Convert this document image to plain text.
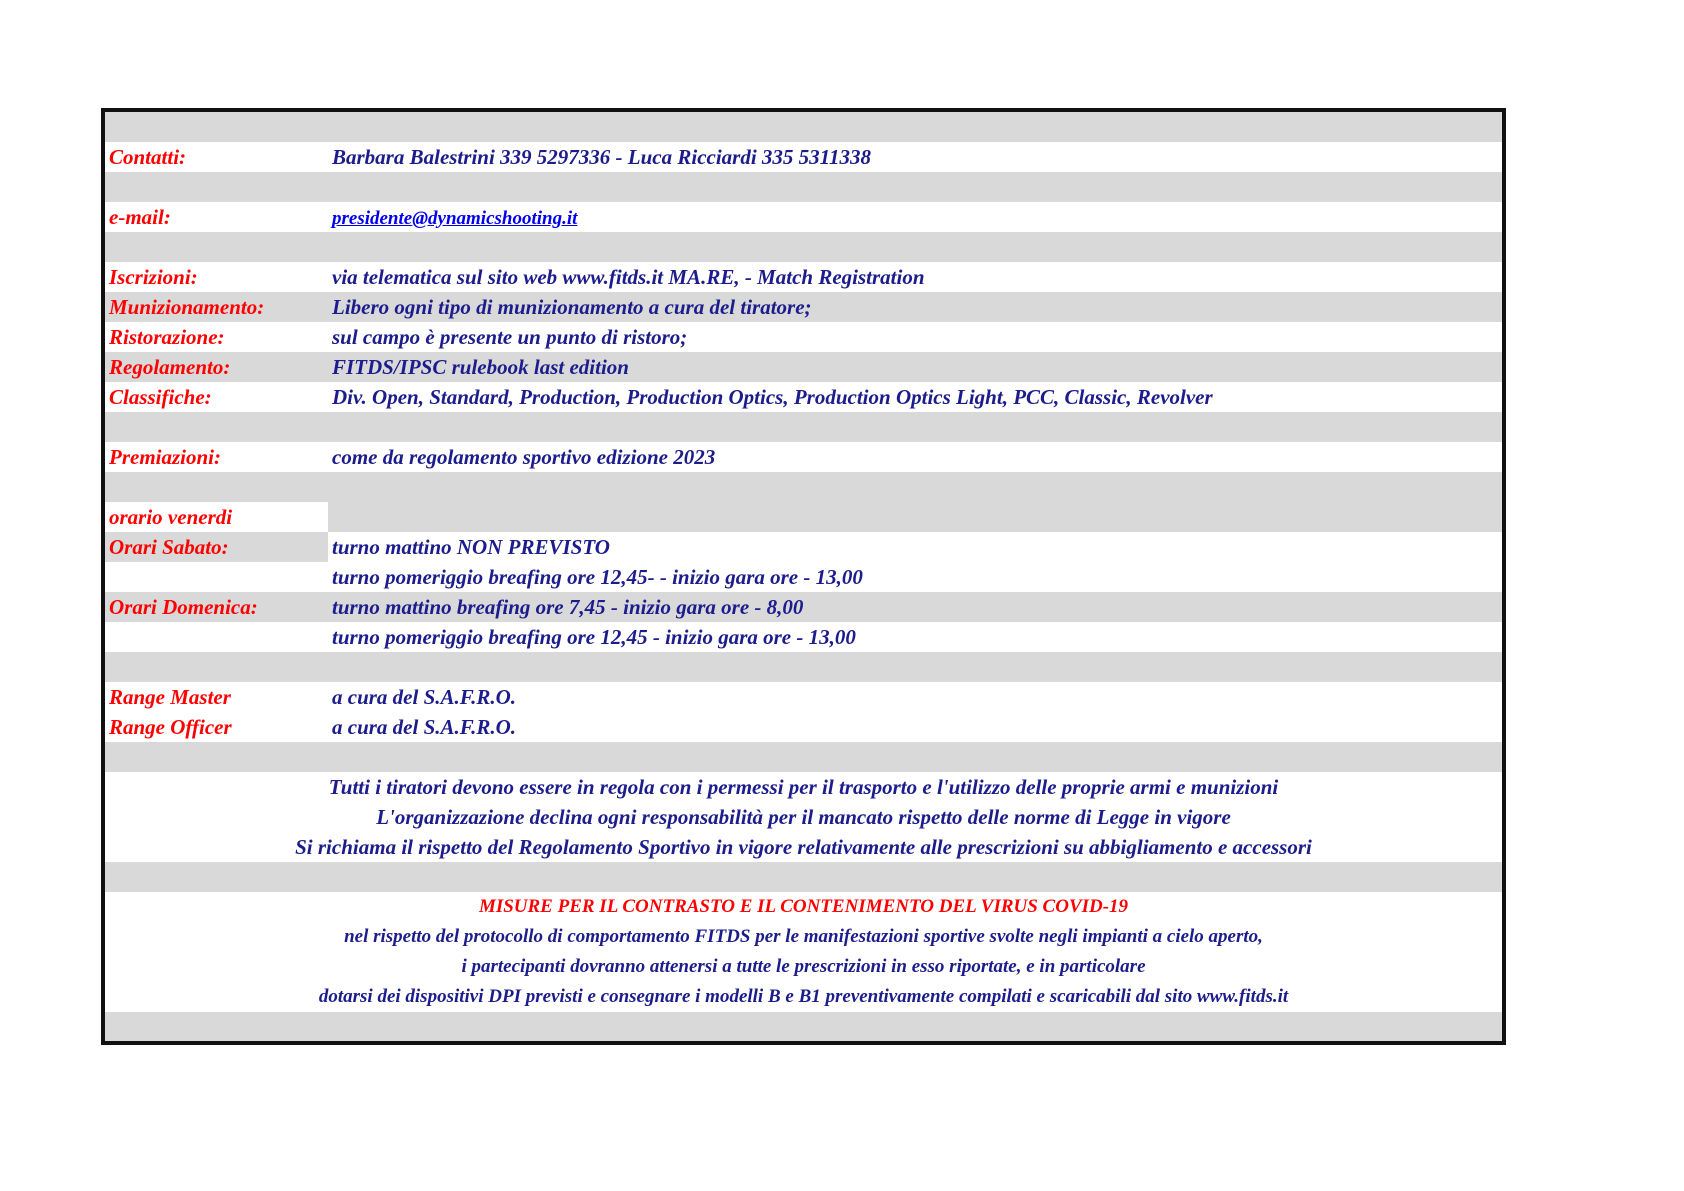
Contatti:	Barbara Balestrini 339 5297336 - Luca Ricciardi 335 5311338
e-mail:	presidente@dynamicshooting.it
Iscrizioni:	via telematica sul sito web www.fitds.it MA.RE, - Match Registration
Munizionamento:	Libero ogni tipo di munizionamento a cura del tiratore;
Ristorazione:	sul campo è presente un punto di ristoro;
Regolamento:	FITDS/IPSC rulebook last edition
Classifiche:	Div. Open, Standard, Production, Production Optics, Production Optics Light, PCC, Classic, Revolver
Premiazioni:	come da regolamento sportivo edizione 2023
orario venerdi
Orari Sabato:	turno mattino NON PREVISTO
turno pomeriggio breafing ore 12,45- - inizio gara ore - 13,00
Orari Domenica:	turno mattino breafing ore 7,45 - inizio gara ore - 8,00
turno pomeriggio breafing ore 12,45 - inizio gara ore - 13,00
Range Master	a cura del S.A.F.R.O.
Range Officer	a cura del S.A.F.R.O.
Tutti i tiratori devono essere in regola con i permessi per il trasporto e l'utilizzo delle proprie armi e munizioni
L'organizzazione declina ogni responsabilità per il mancato rispetto delle norme di Legge in vigore
Si richiama il rispetto del Regolamento Sportivo in vigore relativamente alle prescrizioni su abbigliamento e accessori
MISURE PER IL CONTRASTO E IL CONTENIMENTO DEL VIRUS COVID-19
nel rispetto del protocollo di comportamento FITDS per le manifestazioni sportive svolte negli impianti a cielo aperto,
i partecipanti dovranno attenersi a tutte le prescrizioni in esso riportate, e in particolare
dotarsi dei dispositivi DPI previsti e consegnare i modelli B e B1 preventivamente compilati e scaricabili dal sito www.fitds.it
